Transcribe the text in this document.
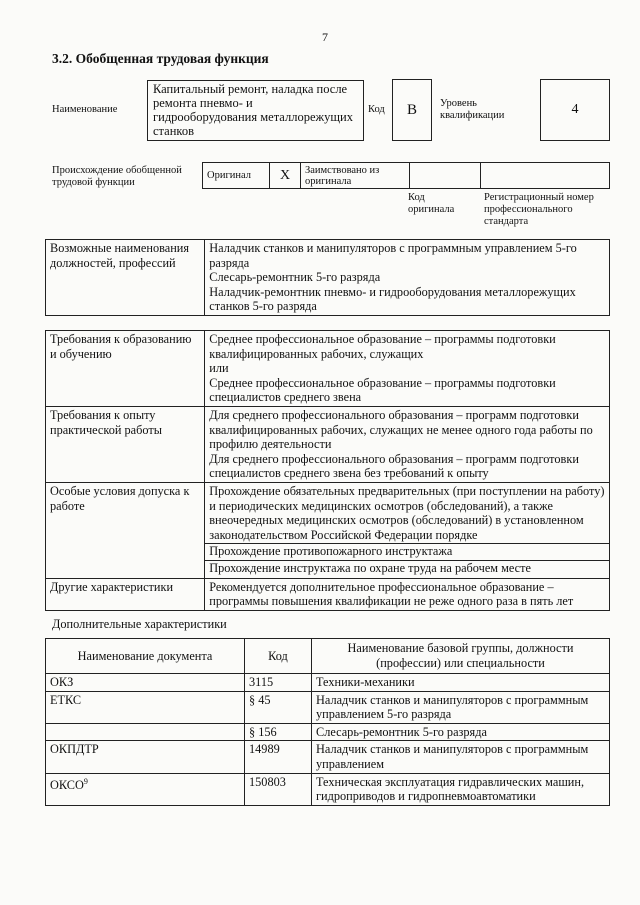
7
3.2. Обобщенная трудовая функция
Наименование
Капитальный ремонт, наладка после ремонта пневмо- и гидрооборудования металлорежущих станков
Код	B	Уровень квалификации	4
Происхождение обобщенной трудовой функции
Оригинал	X	Заимствовано из оригинала		
Код оригинала
Регистрационный номер профессионального стандарта
Возможные наименования должностей, профессий	
Наладчик станков и манипуляторов с программным управлением 5-го разряда
Слесарь-ремонтник 5-го разряда
Наладчик-ремонтник пневмо- и гидрооборудования металлорежущих станков 5-го разряда
Требования к образованию и обучению	Среднее профессиональное образование – программы подготовки квалифицированных рабочих, служащих
или
Среднее профессиональное образование – программы подготовки специалистов среднего звена

Требования к опыту практической работы	Для среднего профессионального образования – программ подготовки квалифицированных рабочих, служащих не менее одного года работы по профилю деятельности
Для среднего профессионального образования – программ подготовки специалистов среднего звена без требований к опыту

Особые условия допуска к работе	Прохождение обязательных предварительных (при поступлении на работу) и периодических медицинских осмотров (обследований), а также внеочередных медицинских осмотров (обследований) в установленном законодательством Российской Федерации порядке
Прохождение противопожарного инструктажа
Прохождение инструктажа по охране труда на рабочем месте

Другие характеристики	Рекомендуется дополнительное профессиональное образование – программы повышения квалификации не реже одного раза в пять лет
Дополнительные характеристики
Наименование документа	Код	Наименование базовой группы, должности (профессии) или специальности
ОКЗ	3115	Техники-механики
ЕТКС	§ 45	Наладчик станков и манипуляторов с программным управлением 5-го разряда
	§ 156	Слесарь-ремонтник 5-го разряда
ОКПДТР	14989	Наладчик станков и манипуляторов с программным управлением
ОКСО$^9$	150803	Техническая эксплуатация гидравлических машин, гидроприводов и гидропневмоавтоматики
